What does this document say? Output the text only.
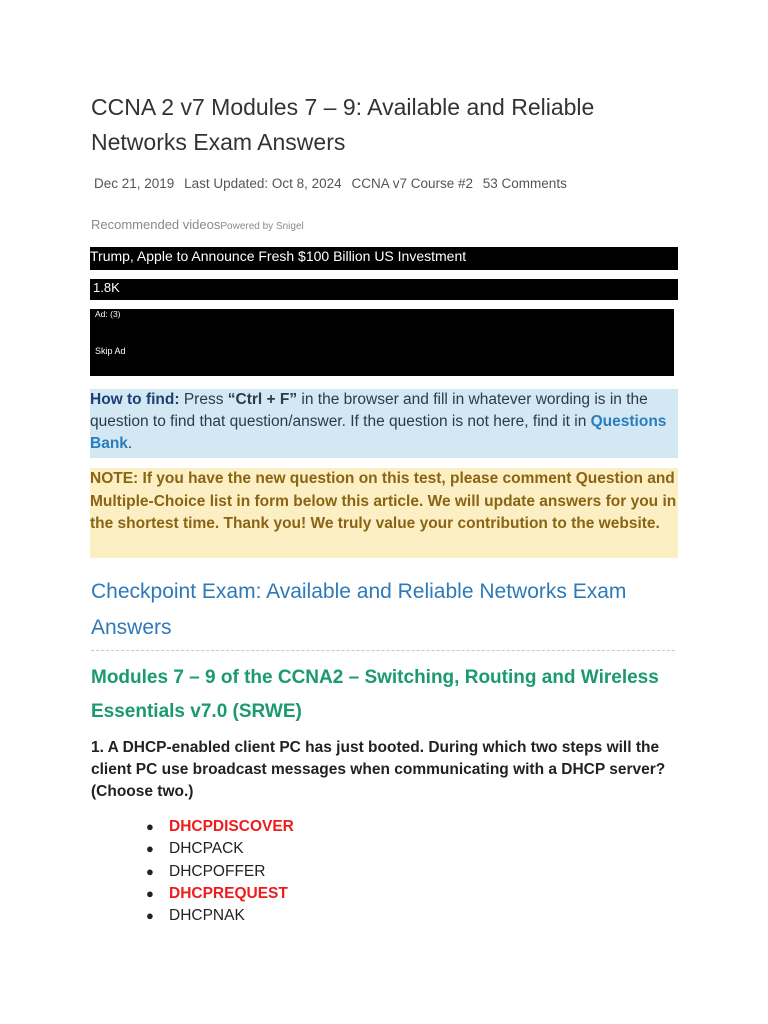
CCNA 2 v7 Modules 7 – 9: Available and Reliable Networks Exam Answers
Dec 21, 2019 Last Updated: Oct 8, 2024 CCNA v7 Course #2 53 Comments
Recommended videosPowered by Snigel
Trump, Apple to Announce Fresh $100 Billion US Investment
1.8K
Ad: (3)
Skip Ad
How to find: Press “Ctrl + F” in the browser and fill in whatever wording is in the question to find that question/answer. If the question is not here, find it in Questions Bank.
NOTE: If you have the new question on this test, please comment Question and Multiple-Choice list in form below this article. We will update answers for you in the shortest time. Thank you! We truly value your contribution to the website.
Checkpoint Exam: Available and Reliable Networks Exam Answers
Modules 7 – 9 of the CCNA2 – Switching, Routing and Wireless Essentials v7.0 (SRWE)
1. A DHCP-enabled client PC has just booted. During which two steps will the client PC use broadcast messages when communicating with a DHCP server? (Choose two.)
● DHCPDISCOVER
● DHCPACK
● DHCPOFFER
● DHCPREQUEST
● DHCPNAK
